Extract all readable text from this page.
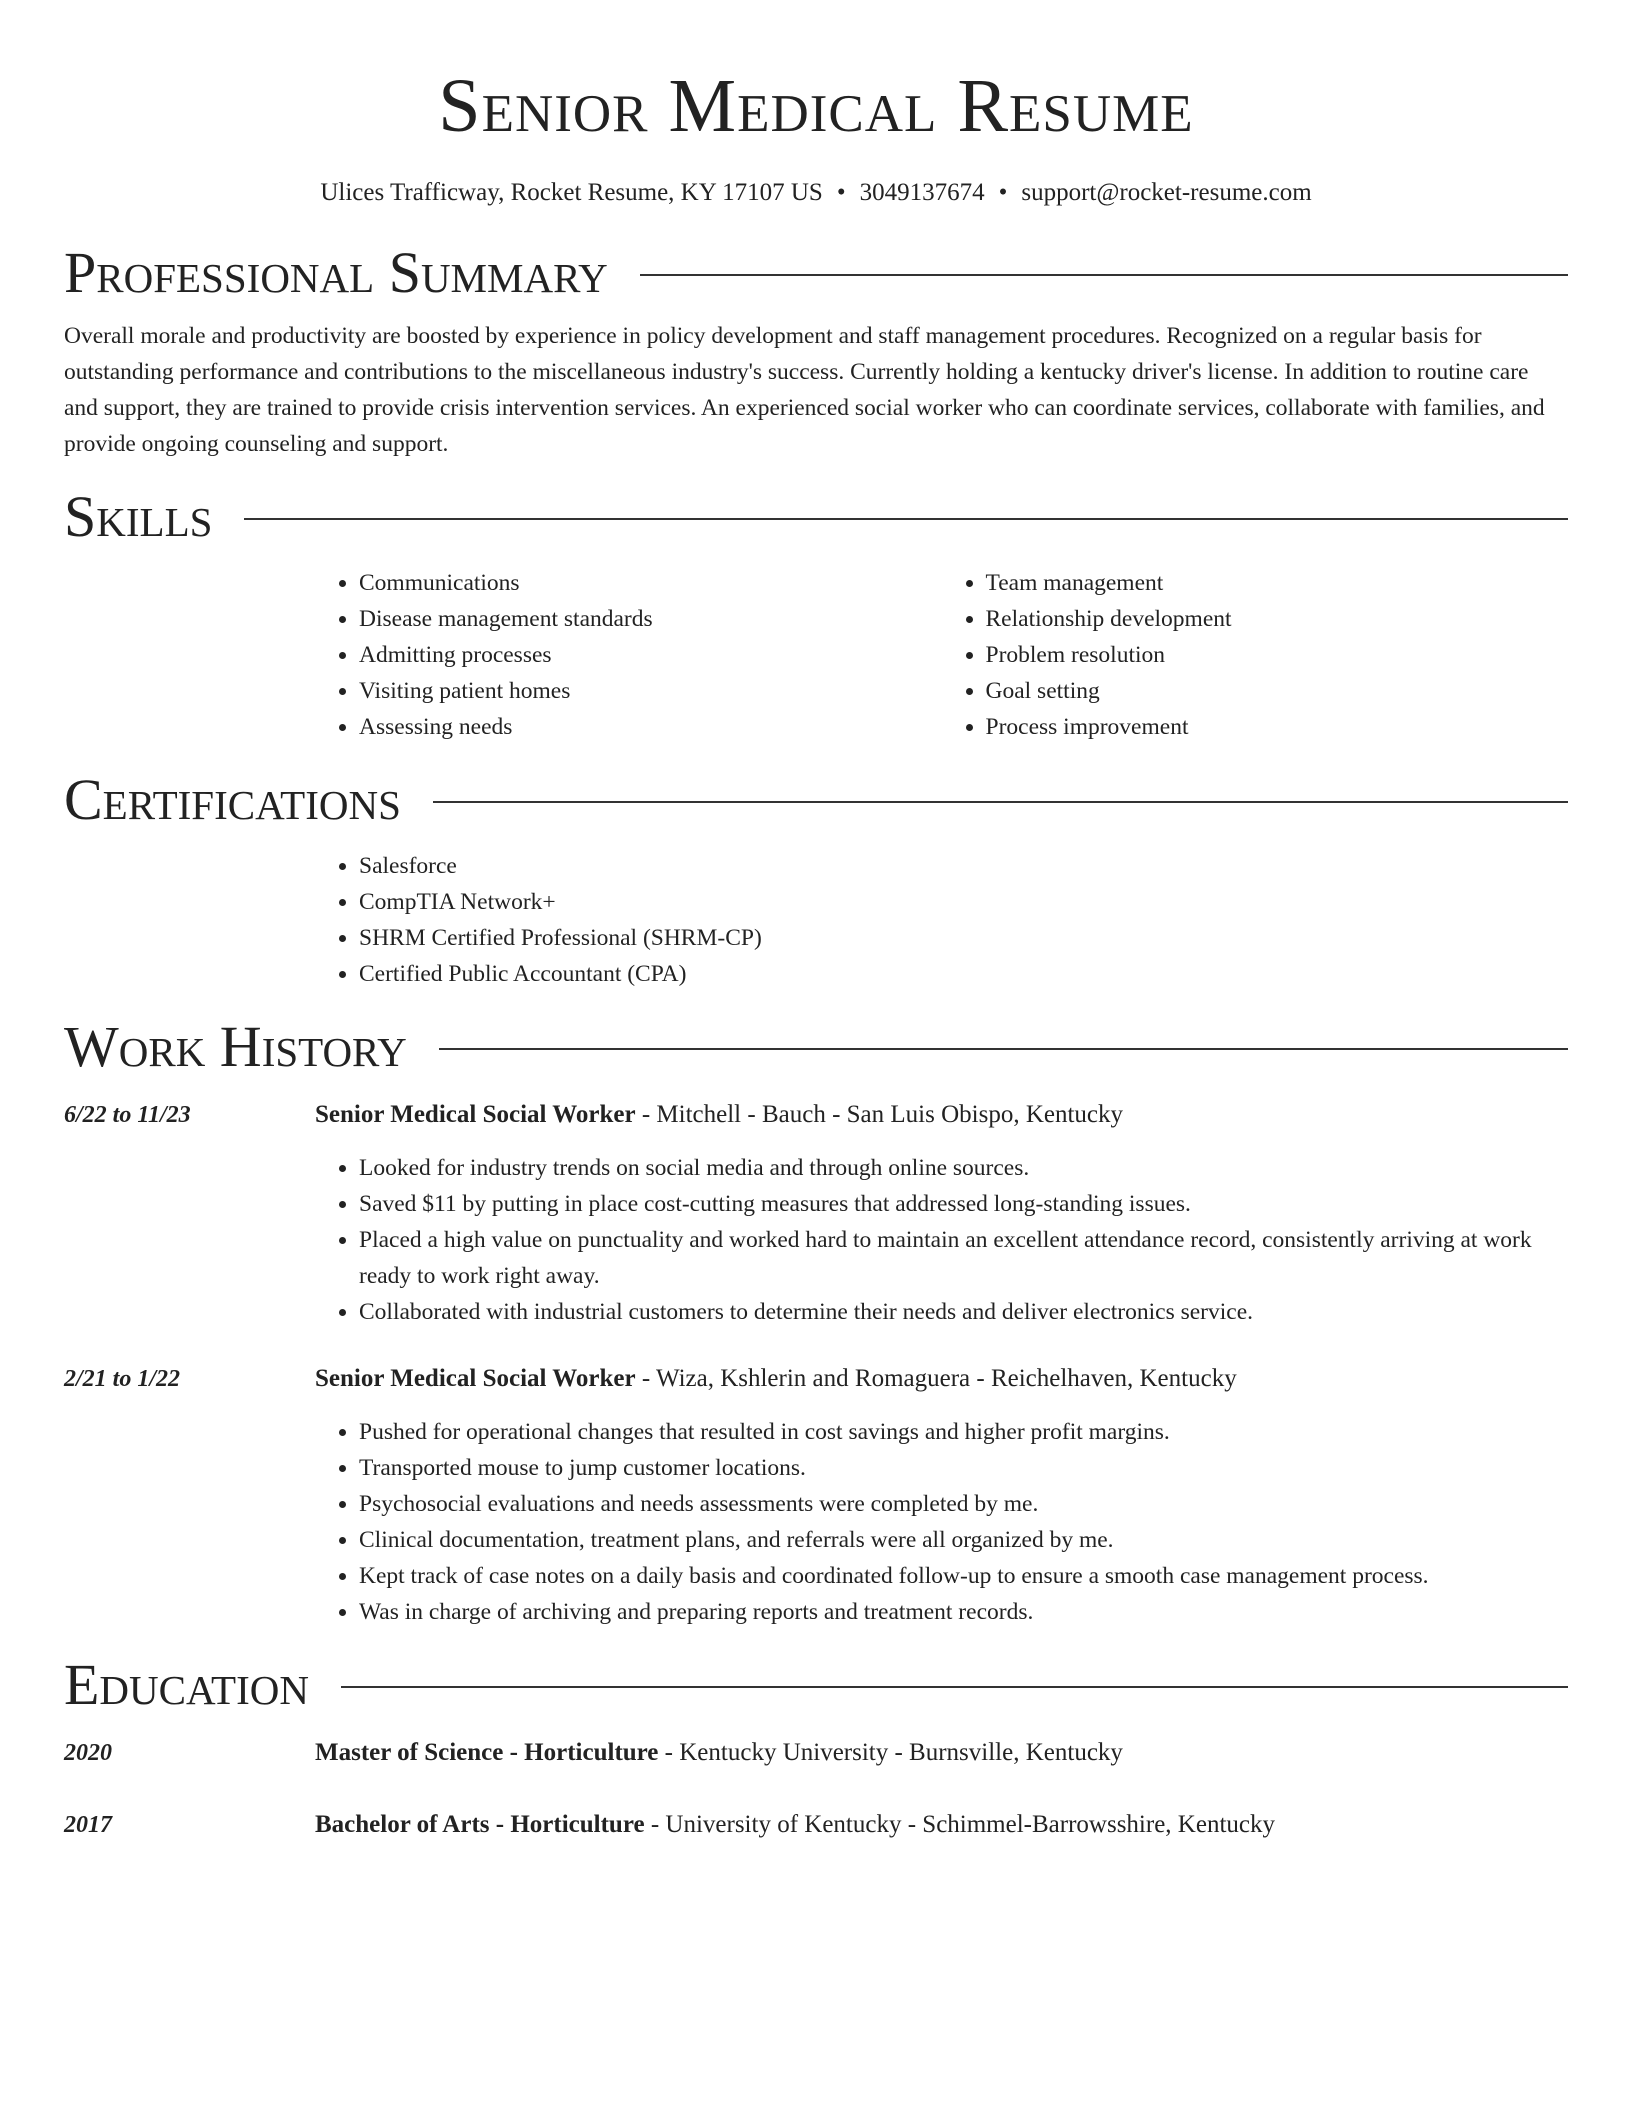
Senior Medical Resume
Ulices Trafficway, Rocket Resume, KY 17107 US • 3049137674 • support@rocket-resume.com
Professional Summary

Overall morale and productivity are boosted by experience in policy development and staff management procedures. Recognized on a regular basis for outstanding performance and contributions to the miscellaneous industry's success. Currently holding a kentucky driver's license. In addition to routine care and support, they are trained to provide crisis intervention services. An experienced social worker who can coordinate services, collaborate with families, and provide ongoing counseling and support.

Skills
• Communications
• Disease management standards
• Admitting processes
• Visiting patient homes
• Assessing needs
• Team management
• Relationship development
• Problem resolution
• Goal setting
• Process improvement
Certifications
• Salesforce
• CompTIA Network+
• SHRM Certified Professional (SHRM-CP)
• Certified Public Accountant (CPA)
Work History
6/22 to 11/23	Senior Medical Social Worker - Mitchell - Bauch - San Luis Obispo, Kentucky
• Looked for industry trends on social media and through online sources.
• Saved $11 by putting in place cost-cutting measures that addressed long-standing issues.
• Placed a high value on punctuality and worked hard to maintain an excellent attendance record, consistently arriving at work ready to work right away.
• Collaborated with industrial customers to determine their needs and deliver electronics service.
2/21 to 1/22	Senior Medical Social Worker - Wiza, Kshlerin and Romaguera - Reichelhaven, Kentucky
• Pushed for operational changes that resulted in cost savings and higher profit margins.
• Transported mouse to jump customer locations.
• Psychosocial evaluations and needs assessments were completed by me.
• Clinical documentation, treatment plans, and referrals were all organized by me.
• Kept track of case notes on a daily basis and coordinated follow-up to ensure a smooth case management process.
• Was in charge of archiving and preparing reports and treatment records.
Education
2020	Master of Science - Horticulture - Kentucky University - Burnsville, Kentucky
2017	Bachelor of Arts - Horticulture - University of Kentucky - Schimmel-Barrowsshire, Kentucky
